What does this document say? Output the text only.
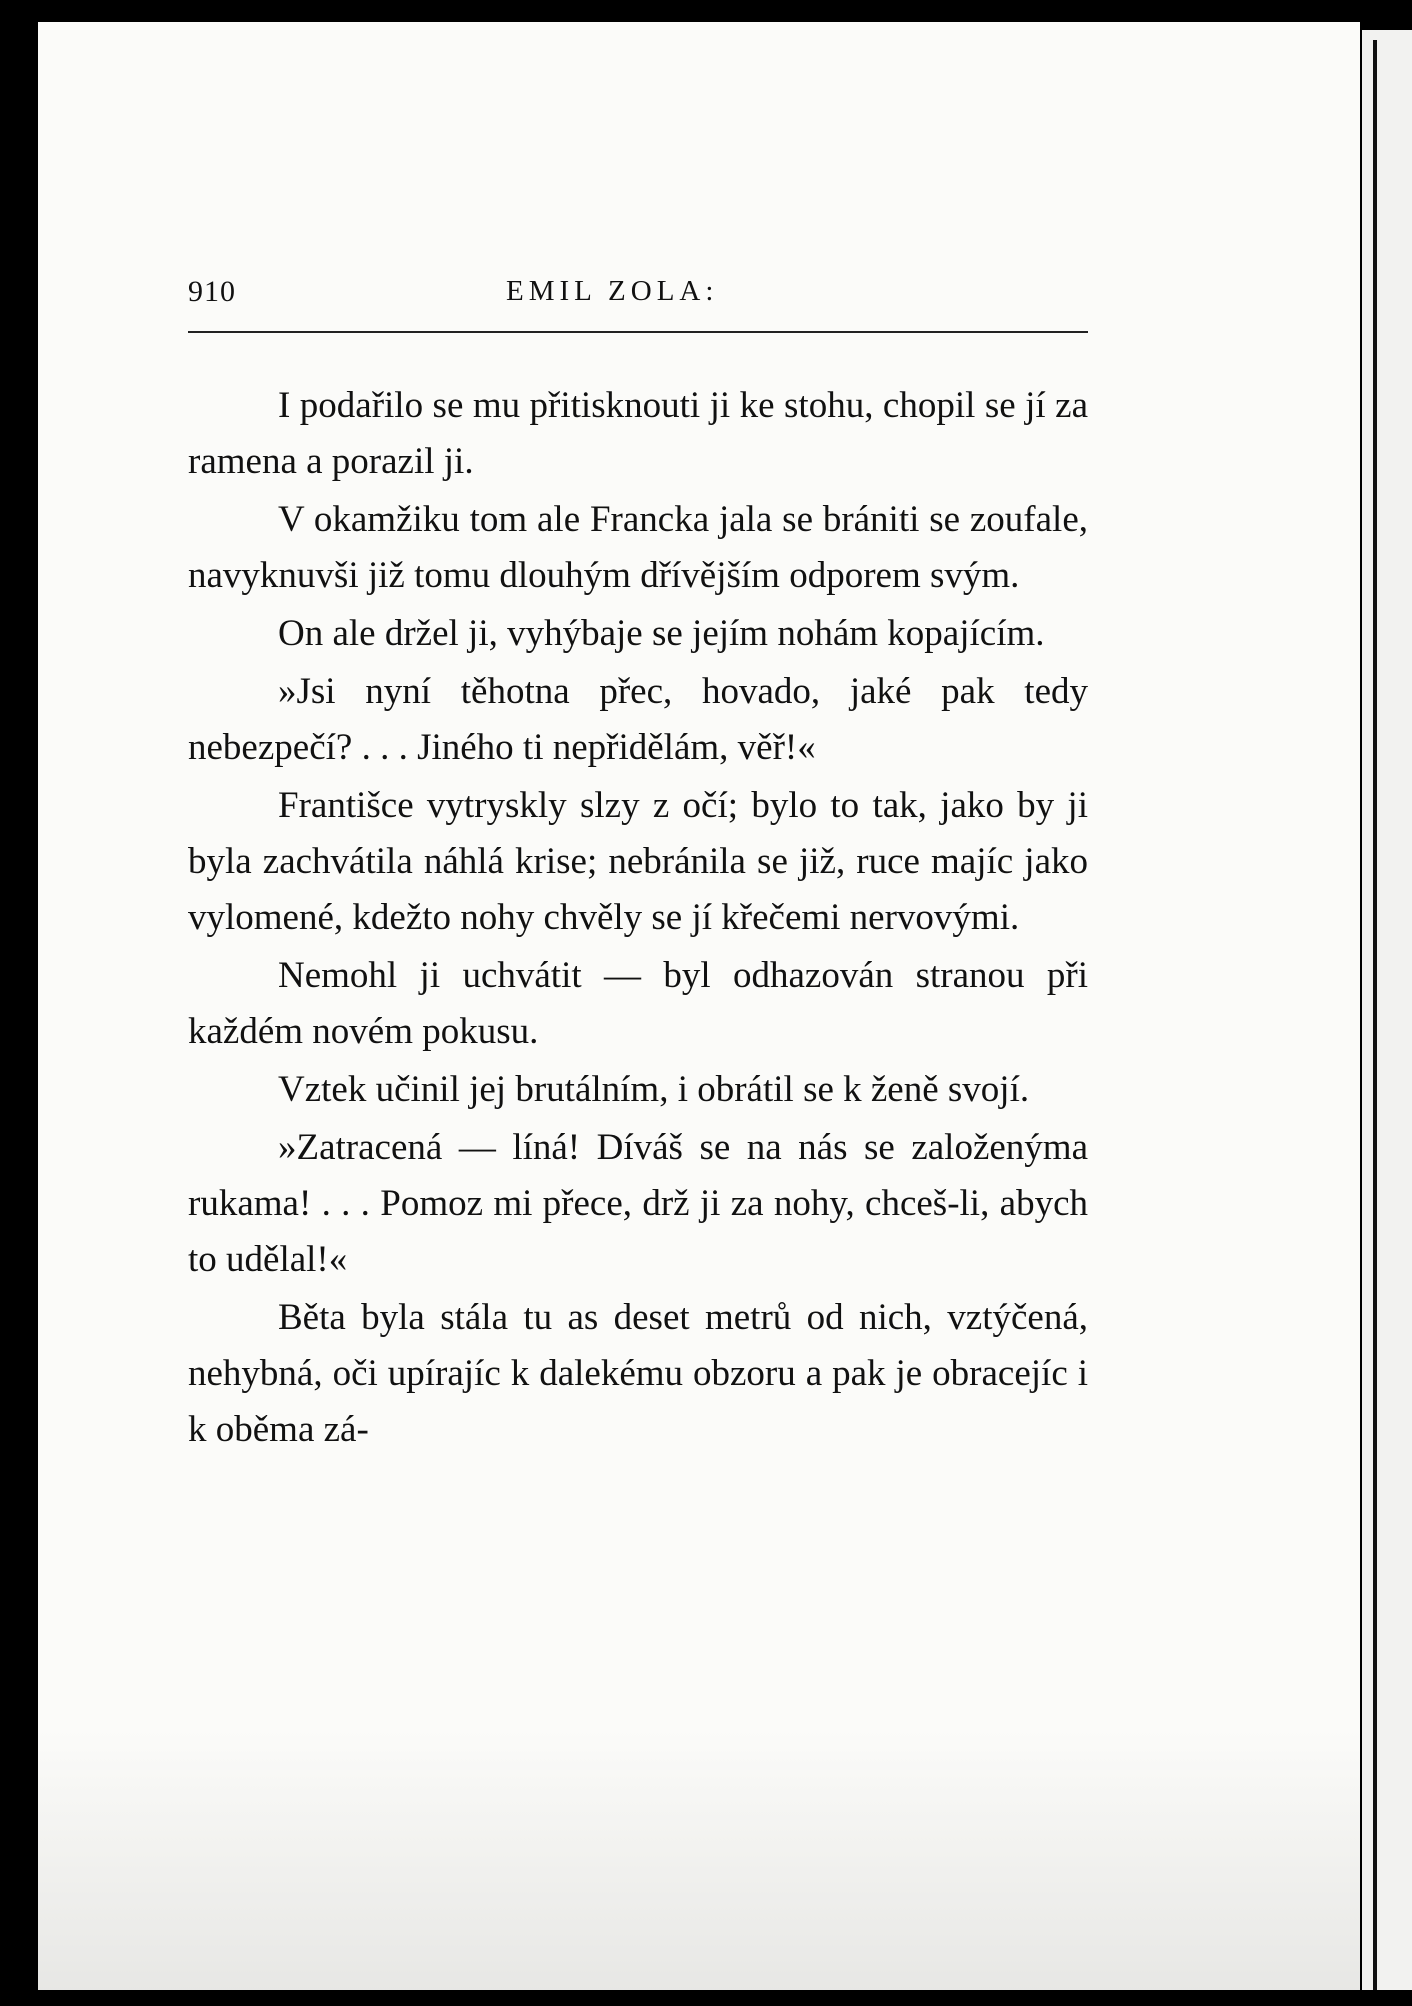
910	EMIL ZOLA:

I podařilo se mu přitisknouti ji ke stohu, chopil se jí za ramena a porazil ji.

V okamžiku tom ale Francka jala se brániti se zoufale, navyknuvši již tomu dlouhým dřívějším odporem svým.

On ale držel ji, vyhýbaje se jejím nohám kopajícím.

»Jsi nyní těhotna přec, hovado, jaké pak tedy nebezpečí? . . . Jiného ti nepřidělám, věř!«

Františce vytryskly slzy z očí; bylo to tak, jako by ji byla zachvátila náhlá krise; nebránila se již, ruce majíc jako vylomené, kdežto nohy chvěly se jí křečemi nervovými.

Nemohl ji uchvátit — byl odhazován stranou při každém novém pokusu.

Vztek učinil jej brutálním, i obrátil se k ženě svojí.

»Zatracená — líná! Díváš se na nás se založenýma rukama! . . . Pomoz mi přece, drž ji za nohy, chceš-li, abych to udělal!«

Běta byla stála tu as deset metrů od nich, vztýčená, nehybná, oči upírajíc k dalekému obzoru a pak je obracejíc i k oběma zá-
